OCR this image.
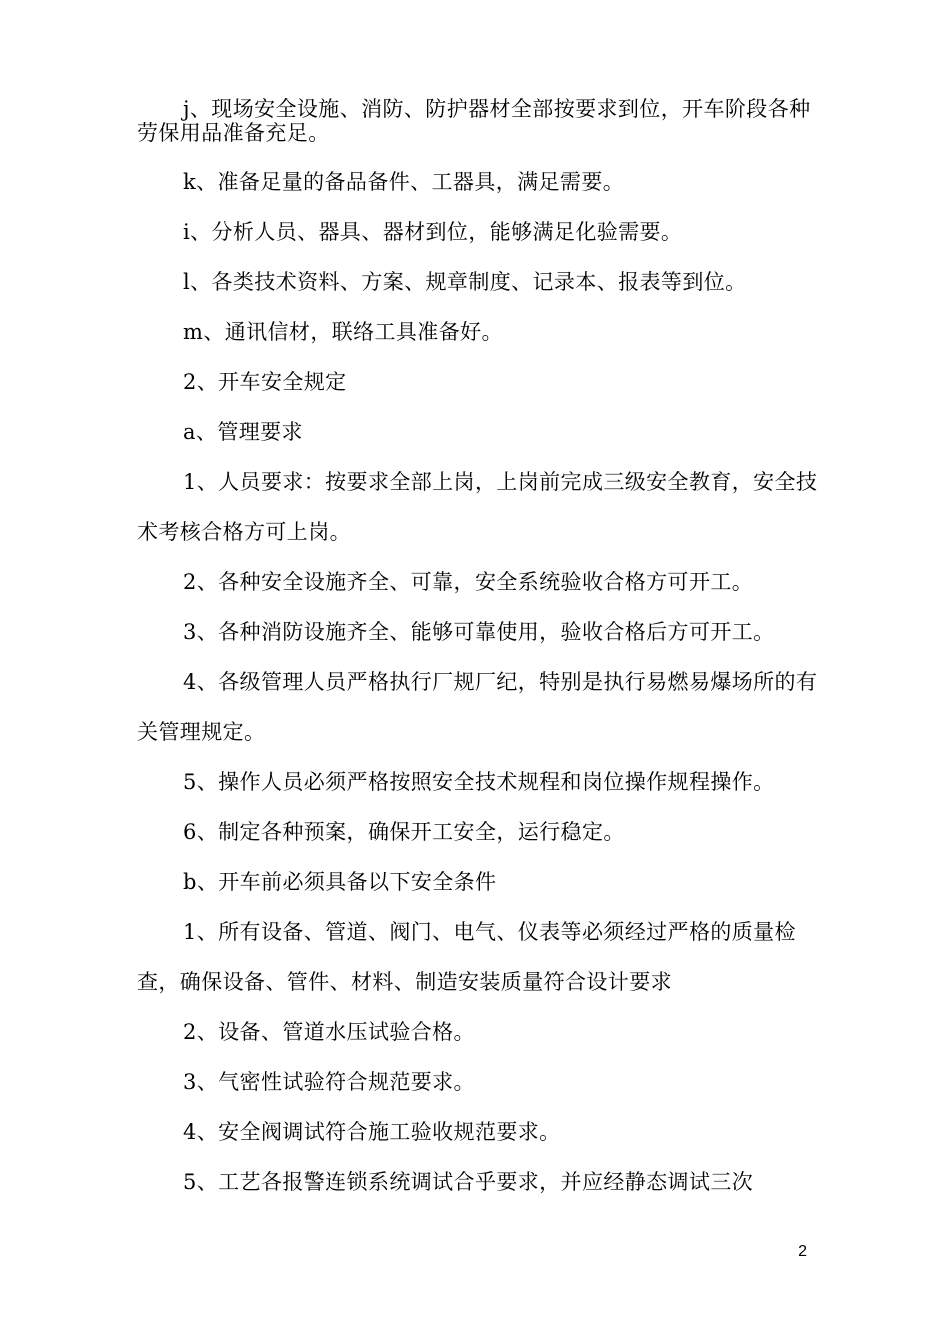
j、现场安全设施、消防、防护器材全部按要求到位，开车阶段各种劳保用品准备充足。

k、准备足量的备品备件、工器具，满足需要。

i、分析人员、器具、器材到位，能够满足化验需要。

l、各类技术资料、方案、规章制度、记录本、报表等到位。

m、通讯信材，联络工具准备好。

2、开车安全规定

a、管理要求

1、人员要求：按要求全部上岗，上岗前完成三级安全教育，安全技术考核合格方可上岗。

2、各种安全设施齐全、可靠，安全系统验收合格方可开工。

3、各种消防设施齐全、能够可靠使用，验收合格后方可开工。

4、各级管理人员严格执行厂规厂纪，特别是执行易燃易爆场所的有关管理规定。

5、操作人员必须严格按照安全技术规程和岗位操作规程操作。

6、制定各种预案，确保开工安全，运行稳定。

b、开车前必须具备以下安全条件

1、所有设备、管道、阀门、电气、仪表等必须经过严格的质量检查，确保设备、管件、材料、制造安装质量符合设计要求

2、设备、管道水压试验合格。

3、气密性试验符合规范要求。

4、安全阀调试符合施工验收规范要求。

5、工艺各报警连锁系统调试合乎要求，并应经静态调试三次

2
